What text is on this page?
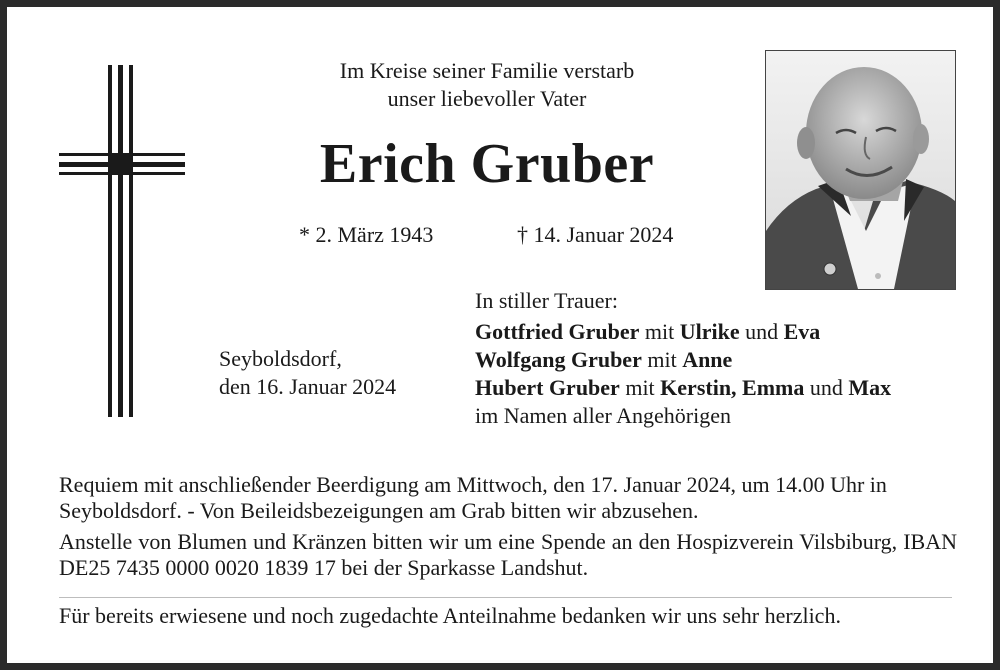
Im Kreise seiner Familie verstarb
unser liebevoller Vater
Erich Gruber
* 2. März 1943	† 14. Januar 2024
Seyboldsdorf,
den 16. Januar 2024
In stiller Trauer:
Gottfried Gruber mit Ulrike und Eva
Wolfgang Gruber mit Anne
Hubert Gruber mit Kerstin, Emma und Max
im Namen aller Angehörigen
Requiem mit anschließender Beerdigung am Mittwoch, den 17. Januar 2024, um 14.00 Uhr in Seyboldsdorf. - Von Beileidsbezeigungen am Grab bitten wir abzusehen.
Anstelle von Blumen und Kränzen bitten wir um eine Spende an den Hospizverein Vilsbiburg, IBAN DE25 7435 0000 0020 1839 17 bei der Sparkasse Landshut.
Für bereits erwiesene und noch zugedachte Anteilnahme bedanken wir uns sehr herzlich.
